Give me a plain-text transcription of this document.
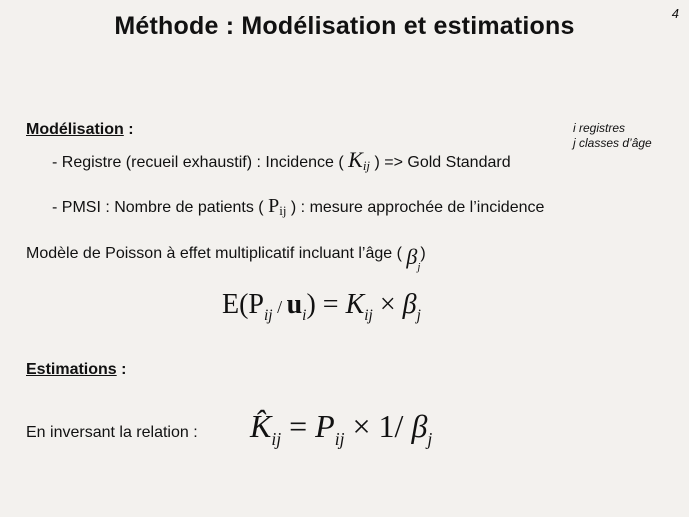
Méthode : Modélisation et estimations	4
Modélisation :	i registres
j classes d’âge
- Registre (recueil exhaustif) : Incidence ( Kij ) => Gold Standard
- PMSI : Nombre de patients ( Pij ) : mesure approchée de l’incidence
Modèle de Poisson à effet multiplicatif incluant l’âge ( $\beta_j$)
$E(P_{ij} / u_i) = K_{ij} \times \beta_j$
Estimations :
En inversant la relation : $K̂_{ij} = P_{ij} \times 1/$ $\beta_j$
